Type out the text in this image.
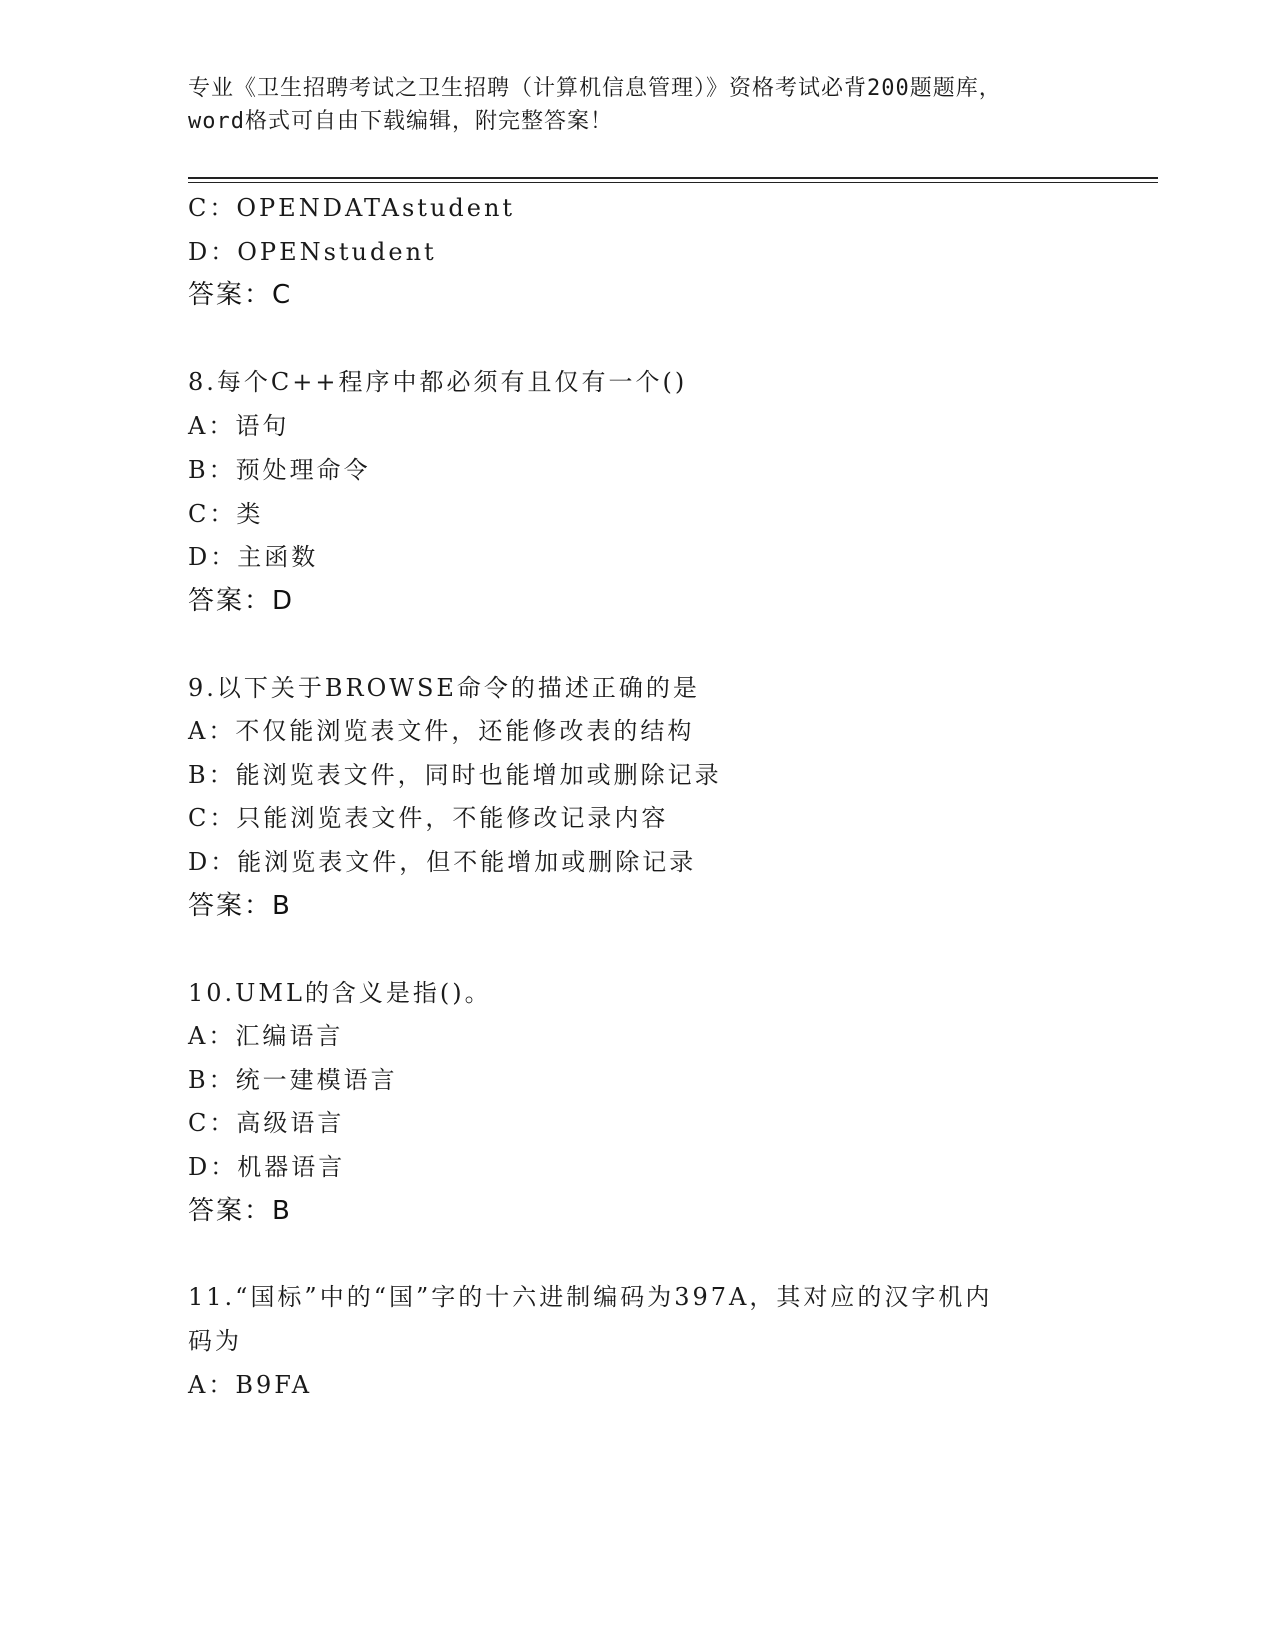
专业《卫生招聘考试之卫生招聘（计算机信息管理）》资格考试必背200题题库，
word格式可自由下载编辑，附完整答案！
C：OPENDATAstudent
D：OPENstudent
答案：C
8.每个C++程序中都必须有且仅有一个()
A：语句
B：预处理命令
C：类
D：主函数
答案：D
9.以下关于BROWSE命令的描述正确的是
A：不仅能浏览表文件，还能修改表的结构
B：能浏览表文件，同时也能增加或删除记录
C：只能浏览表文件，不能修改记录内容
D：能浏览表文件，但不能增加或删除记录
答案：B
10.UML的含义是指()。
A：汇编语言
B：统一建模语言
C：高级语言
D：机器语言
答案：B
11.“国标”中的“国”字的十六进制编码为397A，其对应的汉字机内
码为
A：B9FA
